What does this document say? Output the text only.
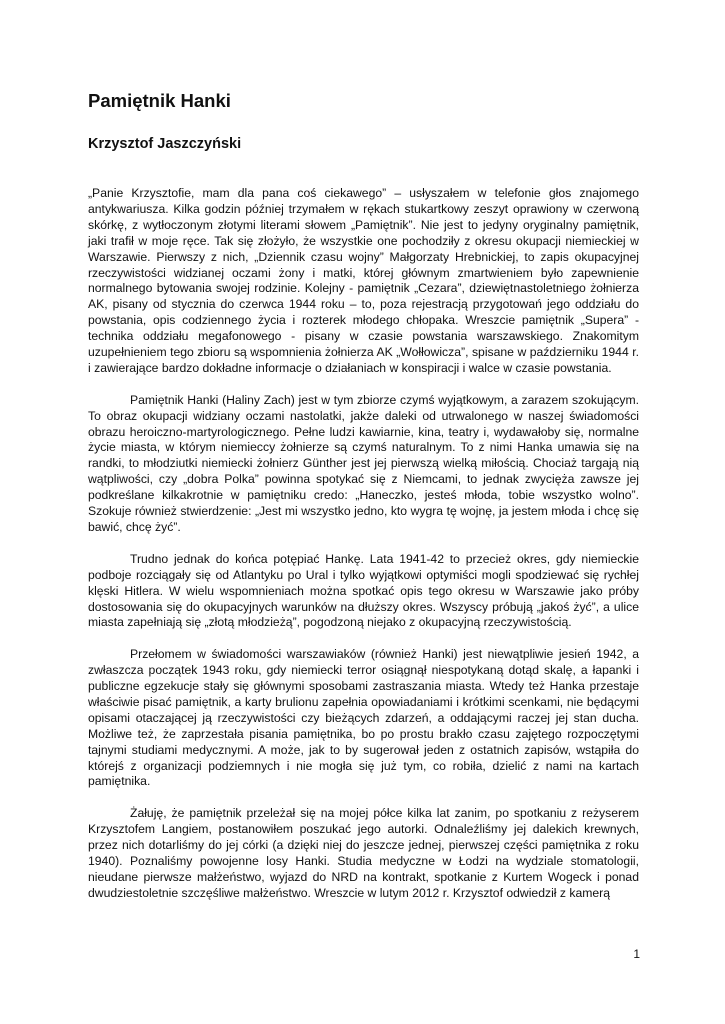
Pamiętnik Hanki
Krzysztof Jaszczyński

„Panie Krzysztofie, mam dla pana coś ciekawego” – usłyszałem w telefonie głos znajomego antykwariusza. Kilka godzin później trzymałem w rękach stukartkowy zeszyt oprawiony w czerwoną skórkę, z wytłoczonym złotymi literami słowem „Pamiętnik”. Nie jest to jedyny oryginalny pamiętnik, jaki trafił w moje ręce. Tak się złożyło, że wszystkie one pochodziły z okresu okupacji niemieckiej w Warszawie. Pierwszy z nich, „Dziennik czasu wojny” Małgorzaty Hrebnickiej, to zapis okupacyjnej rzeczywistości widzianej oczami żony i matki, której głównym zmartwieniem było zapewnienie normalnego bytowania swojej rodzinie. Kolejny - pamiętnik „Cezara”, dziewiętnastoletniego żołnierza AK, pisany od stycznia do czerwca 1944 roku – to, poza rejestracją przygotowań jego oddziału do powstania, opis codziennego życia i rozterek młodego chłopaka. Wreszcie pamiętnik „Supera” - technika oddziału megafonowego - pisany w czasie powstania warszawskiego. Znakomitym uzupełnieniem tego zbioru są wspomnienia żołnierza AK „Wołłowicza”, spisane w październiku 1944 r. i zawierające bardzo dokładne informacje o działaniach w konspiracji i walce w czasie powstania.

Pamiętnik Hanki (Haliny Zach) jest w tym zbiorze czymś wyjątkowym, a zarazem szokującym. To obraz okupacji widziany oczami nastolatki, jakże daleki od utrwalonego w naszej świadomości obrazu heroiczno-martyrologicznego. Pełne ludzi kawiarnie, kina, teatry i, wydawałoby się, normalne życie miasta, w którym niemieccy żołnierze są czymś naturalnym. To z nimi Hanka umawia się na randki, to młodziutki niemiecki żołnierz Günther jest jej pierwszą wielką miłością. Chociaż targają nią wątpliwości, czy „dobra Polka” powinna spotykać się z Niemcami, to jednak zwycięża zawsze jej podkreślane kilkakrotnie w pamiętniku credo: „Haneczko, jesteś młoda, tobie wszystko wolno”. Szokuje również stwierdzenie: „Jest mi wszystko jedno, kto wygra tę wojnę, ja jestem młoda i chcę się bawić, chcę żyć”.

Trudno jednak do końca potępiać Hankę. Lata 1941-42 to przecież okres, gdy niemieckie podboje rozciągały się od Atlantyku po Ural i tylko wyjątkowi optymiści mogli spodziewać się rychłej klęski Hitlera. W wielu wspomnieniach można spotkać opis tego okresu w Warszawie jako próby dostosowania się do okupacyjnych warunków na dłuższy okres. Wszyscy próbują „jakoś żyć”, a ulice miasta zapełniają się „złotą młodzieżą”, pogodzoną niejako z okupacyjną rzeczywistością.

Przełomem w świadomości warszawiaków (również Hanki) jest niewątpliwie jesień 1942, a zwłaszcza początek 1943 roku, gdy niemiecki terror osiągnął niespotykaną dotąd skalę, a łapanki i publiczne egzekucje stały się głównymi sposobami zastraszania miasta. Wtedy też Hanka przestaje właściwie pisać pamiętnik, a karty brulionu zapełnia opowiadaniami i krótkimi scenkami, nie będącymi opisami otaczającej ją rzeczywistości czy bieżących zdarzeń, a oddającymi raczej jej stan ducha. Możliwe też, że zaprzestała pisania pamiętnika, bo po prostu brakło czasu zajętego rozpoczętymi tajnymi studiami medycznymi. A może, jak to by sugerował jeden z ostatnich zapisów, wstąpiła do którejś z organizacji podziemnych i nie mogła się już tym, co robiła, dzielić z nami na kartach pamiętnika.

Żałuję, że pamiętnik przeleżał się na mojej półce kilka lat zanim, po spotkaniu z reżyserem Krzysztofem Langiem, postanowiłem poszukać jego autorki. Odnaleźliśmy jej dalekich krewnych, przez nich dotarliśmy do jej córki (a dzięki niej do jeszcze jednej, pierwszej części pamiętnika z roku 1940). Poznaliśmy powojenne losy Hanki. Studia medyczne w Łodzi na wydziale stomatologii, nieudane pierwsze małżeństwo, wyjazd do NRD na kontrakt, spotkanie z Kurtem Wogeck i ponad dwudziestoletnie szczęśliwe małżeństwo. Wreszcie w lutym 2012 r. Krzysztof odwiedził z kamerą

1
